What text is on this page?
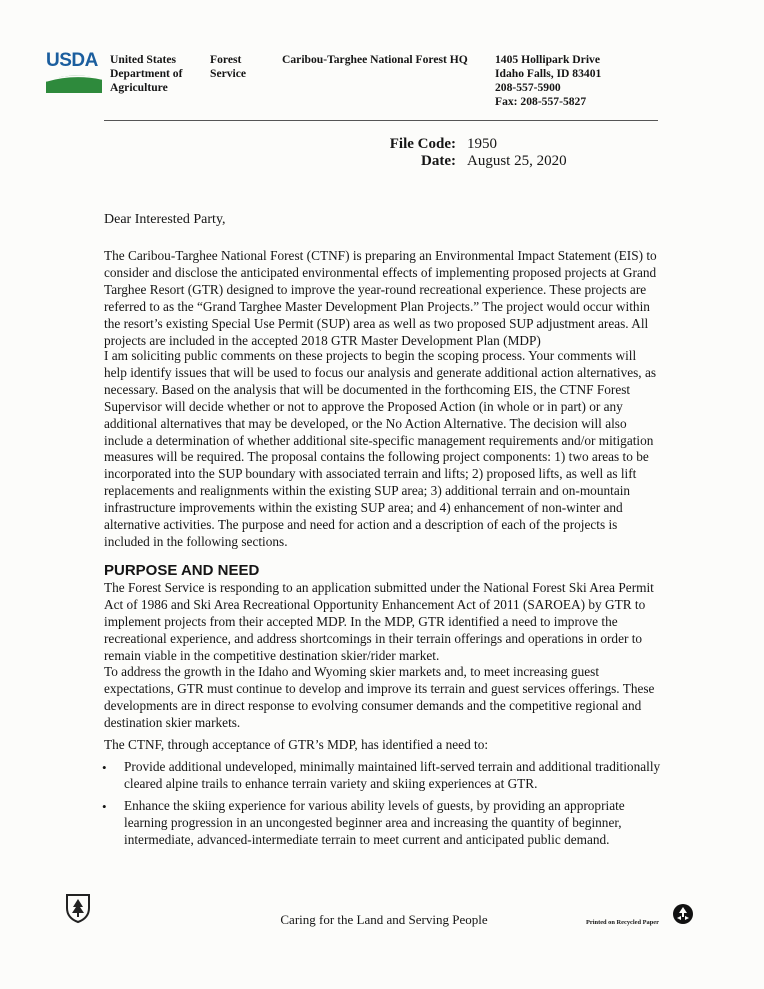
USDA United States
Department of
Agriculture
Forest
Service
Caribou-Targhee National Forest HQ 1405 Hollipark Drive
Idaho Falls, ID 83401
208-557-5900
Fax: 208-557-5827
File Code: 1950
Date: August 25, 2020
Dear Interested Party,

The Caribou-Targhee National Forest (CTNF) is preparing an Environmental Impact Statement (EIS) to consider and disclose the anticipated environmental effects of implementing proposed projects at Grand Targhee Resort (GTR) designed to improve the year-round recreational experience. These projects are referred to as the “Grand Targhee Master Development Plan Projects.” The project would occur within the resort’s existing Special Use Permit (SUP) area as well as two proposed SUP adjustment areas. All projects are included in the accepted 2018 GTR Master Development Plan (MDP)

I am soliciting public comments on these projects to begin the scoping process. Your comments will help identify issues that will be used to focus our analysis and generate additional action alternatives, as necessary. Based on the analysis that will be documented in the forthcoming EIS, the CTNF Forest Supervisor will decide whether or not to approve the Proposed Action (in whole or in part) or any additional alternatives that may be developed, or the No Action Alternative. The decision will also include a determination of whether additional site-specific management requirements and/or mitigation measures will be required. The proposal contains the following project components: 1) two areas to be incorporated into the SUP boundary with associated terrain and lifts; 2) proposed lifts, as well as lift replacements and realignments within the existing SUP area; 3) additional terrain and on-mountain infrastructure improvements within the existing SUP area; and 4) enhancement of non-winter and alternative activities. The purpose and need for action and a description of each of the projects is included in the following sections.

PURPOSE AND NEED

The Forest Service is responding to an application submitted under the National Forest Ski Area Permit Act of 1986 and Ski Area Recreational Opportunity Enhancement Act of 2011 (SAROEA) by GTR to implement projects from their accepted MDP. In the MDP, GTR identified a need to improve the recreational experience, and address shortcomings in their terrain offerings and operations in order to remain viable in the competitive destination skier/rider market.

To address the growth in the Idaho and Wyoming skier markets and, to meet increasing guest expectations, GTR must continue to develop and improve its terrain and guest services offerings. These developments are in direct response to evolving consumer demands and the competitive regional and destination skier markets.

The CTNF, through acceptance of GTR’s MDP, has identified a need to:

• Provide additional undeveloped, minimally maintained lift-served terrain and additional traditionally cleared alpine trails to enhance terrain variety and skiing experiences at GTR.

• Enhance the skiing experience for various ability levels of guests, by providing an appropriate learning progression in an uncongested beginner area and increasing the quantity of beginner, intermediate, advanced-intermediate terrain to meet current and anticipated public demand.

Caring for the Land and Serving People	Printed on Recycled Paper
